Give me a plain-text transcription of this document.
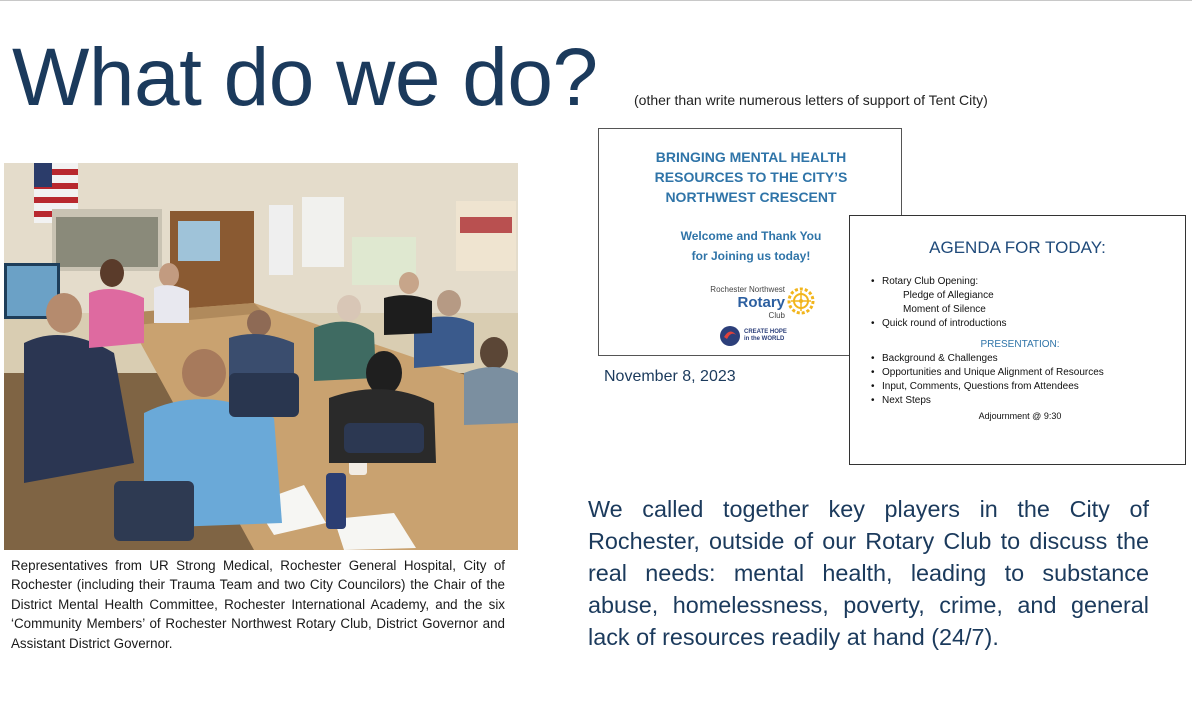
What do we do?	(other than write numerous letters of support of Tent City)
Representatives from UR Strong Medical, Rochester General Hospital, City of Rochester (including their Trauma Team and two City Councilors) the Chair of the District Mental Health Committee, Rochester International Academy, and the six ‘Community Members’ of Rochester Northwest Rotary Club, District Governor and Assistant District Governor.
BRINGING MENTAL HEALTH
RESOURCES TO THE CITY’S
NORTHWEST CRESCENT
Welcome and Thank You
for Joining us today!
Rochester Northwest
Rotary
Club
CREATE HOPE
in the WORLD
November 8, 2023
AGENDA FOR TODAY:
• Rotary Club Opening:
Pledge of Allegiance
Moment of Silence
• Quick round of introductions
PRESENTATION:
• Background & Challenges
• Opportunities and Unique Alignment of Resources
• Input, Comments, Questions from Attendees
• Next Steps
Adjournment @ 9:30
We called together key players in the City of Rochester, outside of our Rotary Club to discuss the real needs: mental health, leading to substance abuse, homelessness, poverty, crime, and general lack of resources readily at hand (24/7).
